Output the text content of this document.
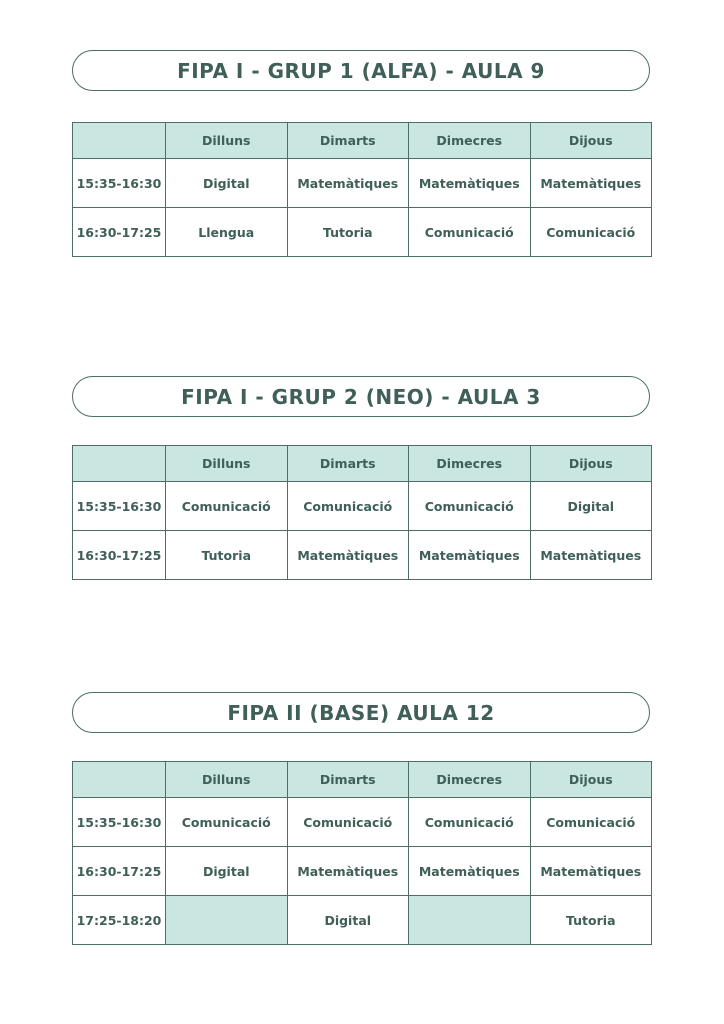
FIPA I - GRUP 1 (ALFA) - AULA 9
	Dilluns	Dimarts	Dimecres	Dijous
15:35-16:30	Digital	Matemàtiques	Matemàtiques	Matemàtiques
16:30-17:25	Llengua	Tutoria	Comunicació	Comunicació
FIPA I - GRUP 2 (NEO) - AULA 3
	Dilluns	Dimarts	Dimecres	Dijous
15:35-16:30	Comunicació	Comunicació	Comunicació	Digital
16:30-17:25	Tutoria	Matemàtiques	Matemàtiques	Matemàtiques
FIPA II (BASE) AULA 12
	Dilluns	Dimarts	Dimecres	Dijous
15:35-16:30	Comunicació	Comunicació	Comunicació	Comunicació
16:30-17:25	Digital	Matemàtiques	Matemàtiques	Matemàtiques
17:25-18:20		Digital		Tutoria
